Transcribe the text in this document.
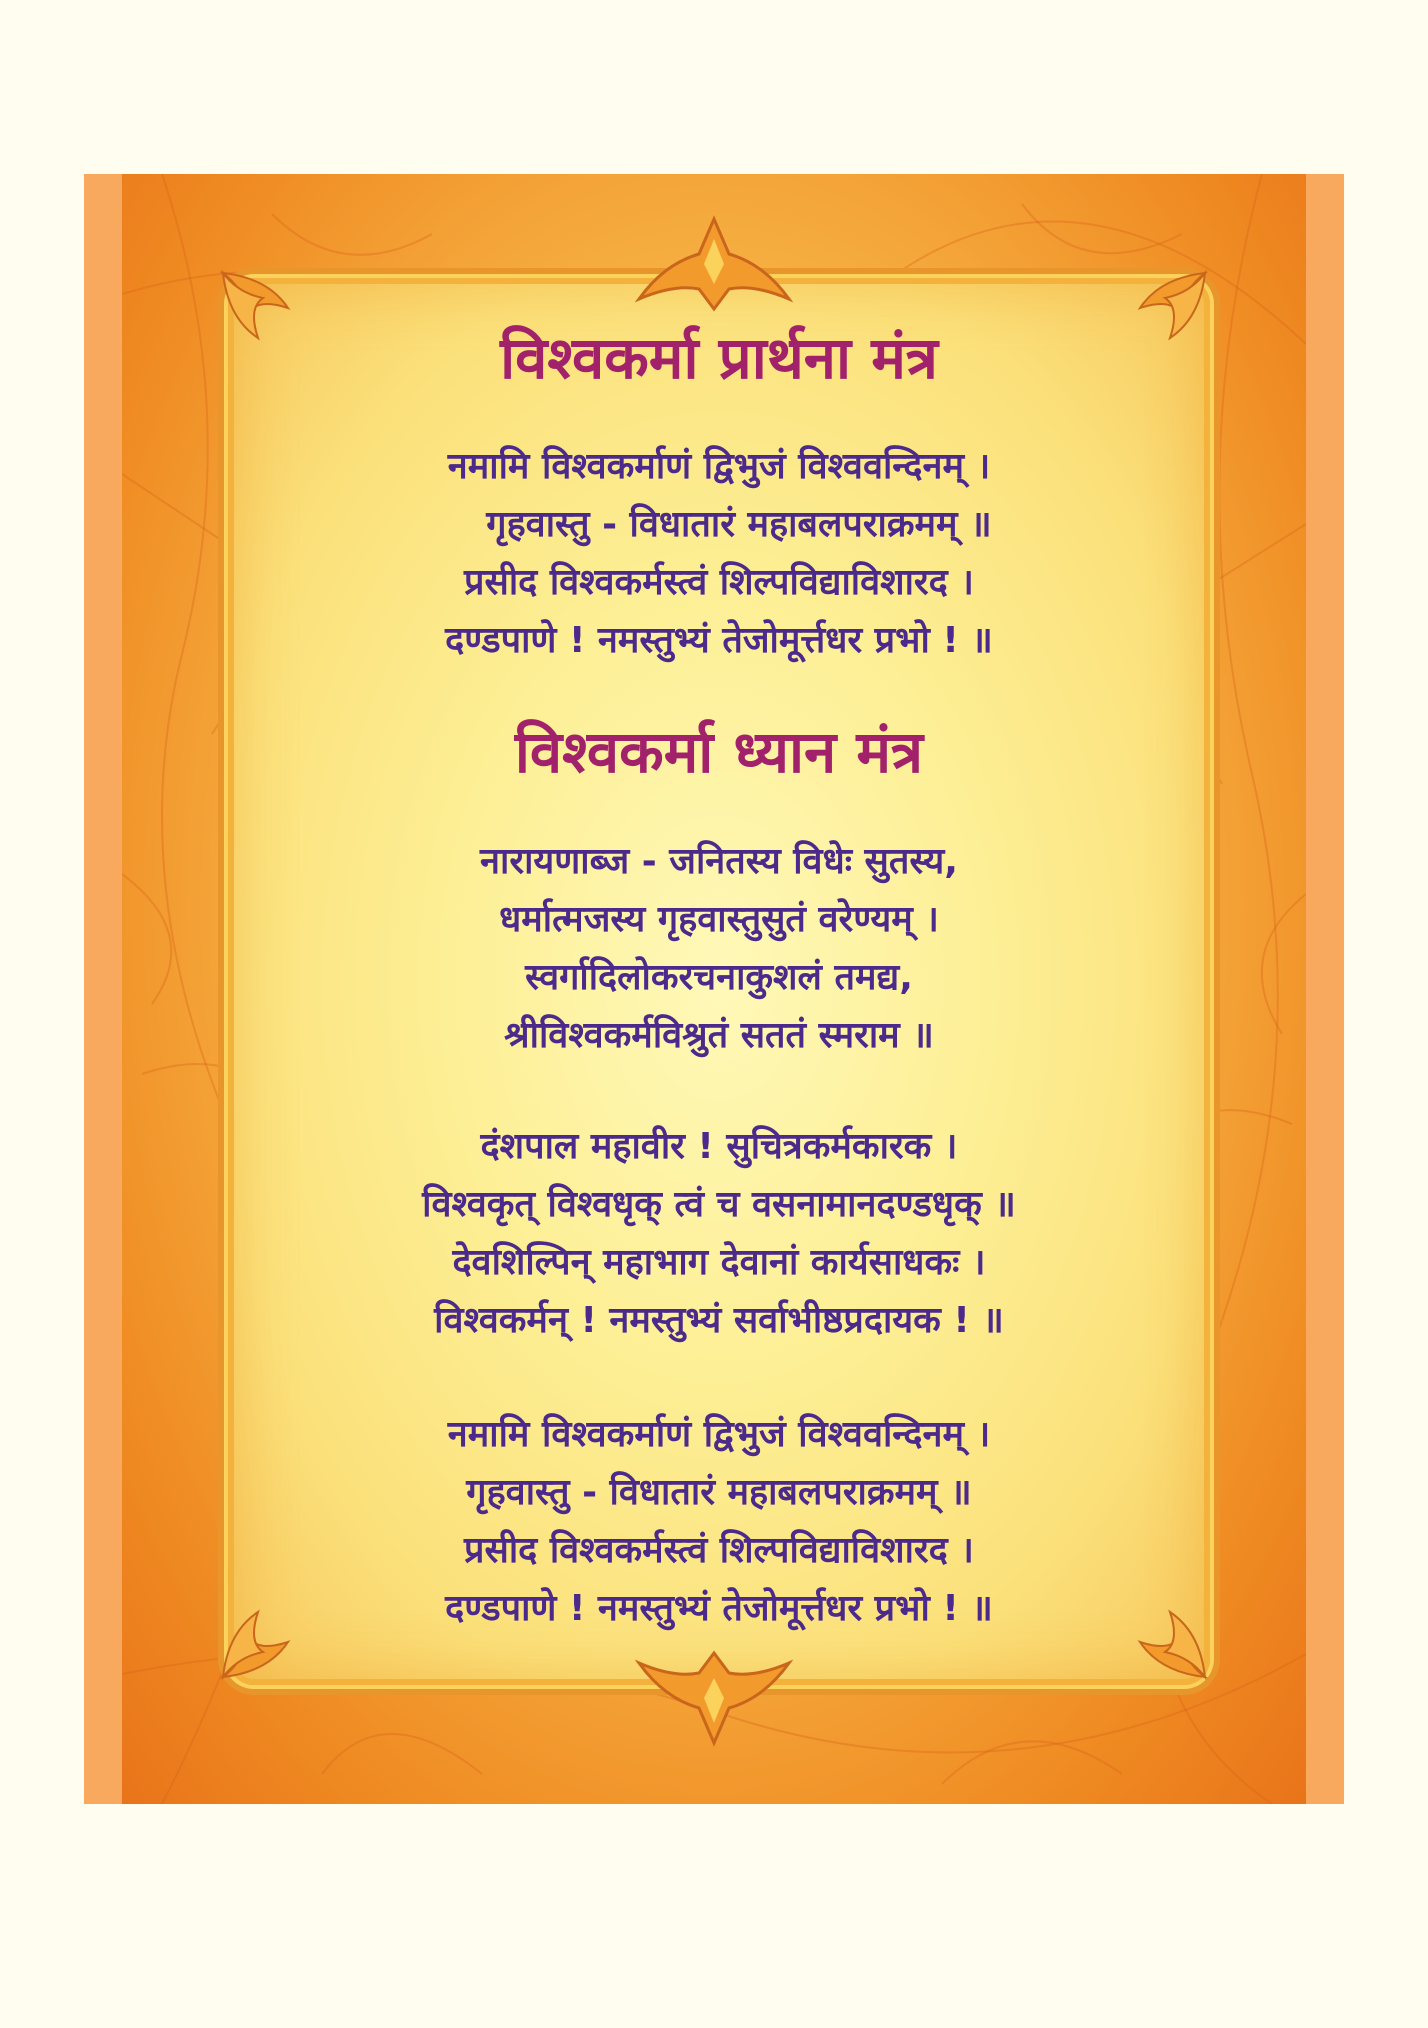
विश्वकर्मा प्रार्थना मंत्र

नमामि विश्वकर्माणं द्विभुजं विश्ववन्दिनम् ।

गृहवास्तु - विधातारं महाबलपराक्रमम् ॥

प्रसीद विश्वकर्मस्त्वं शिल्पविद्याविशारद ।

दण्डपाणे ! नमस्तुभ्यं तेजोमूर्त्तधर प्रभो ! ॥

विश्वकर्मा ध्यान मंत्र

नारायणाब्ज - जनितस्य विधेः सुतस्य,

धर्मात्मजस्य गृहवास्तुसुतं वरेण्यम् ।

स्वर्गादिलोकरचनाकुशलं तमद्य,

श्रीविश्वकर्मविश्रुतं सततं स्मराम ॥

दंशपाल महावीर ! सुचित्रकर्मकारक ।

विश्वकृत् विश्वधृक् त्वं च वसनामानदण्डधृक् ॥

देवशिल्पिन् महाभाग देवानां कार्यसाधकः ।

विश्वकर्मन् ! नमस्तुभ्यं सर्वाभीष्ठप्रदायक ! ॥

नमामि विश्वकर्माणं द्विभुजं विश्ववन्दिनम् ।

गृहवास्तु - विधातारं महाबलपराक्रमम् ॥

प्रसीद विश्वकर्मस्त्वं शिल्पविद्याविशारद ।

दण्डपाणे ! नमस्तुभ्यं तेजोमूर्त्तधर प्रभो ! ॥
